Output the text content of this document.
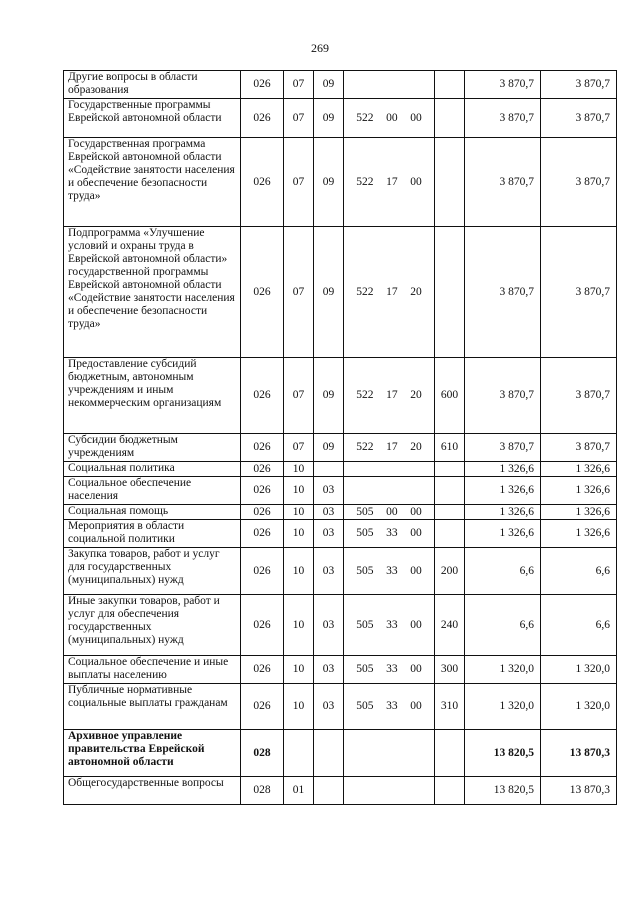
269
Другие вопросы в области образования	026	07	09			3 870,7	3 870,7
Государственные программы Еврейской автономной области	026	07	09	522 00 00		3 870,7	3 870,7
Государственная программа Еврейской автономной области «Содействие занятости населения и обеспечение безопасности труда»	026	07	09	522 17 00		3 870,7	3 870,7
Подпрограмма «Улучшение условий и охраны труда в Еврейской автономной области» государственной программы Еврейской автономной области «Содействие занятости населения и обеспечение безопасности труда»	026	07	09	522 17 20		3 870,7	3 870,7
Предоставление субсидий бюджетным, автономным учреждениям и иным некоммерческим организациям	026	07	09	522 17 20	600	3 870,7	3 870,7
Субсидии бюджетным учреждениям	026	07	09	522 17 20	610	3 870,7	3 870,7
Социальная политика	026	10				1 326,6	1 326,6
Социальное обеспечение населения	026	10	03			1 326,6	1 326,6
Социальная помощь	026	10	03	505 00 00		1 326,6	1 326,6
Мероприятия в области социальной политики	026	10	03	505 33 00		1 326,6	1 326,6
Закупка товаров, работ и услуг для государственных (муниципальных) нужд	026	10	03	505 33 00	200	6,6	6,6
Иные закупки товаров, работ и услуг для обеспечения государственных (муниципальных) нужд	026	10	03	505 33 00	240	6,6	6,6
Социальное обеспечение и иные выплаты населению	026	10	03	505 33 00	300	1 320,0	1 320,0
Публичные нормативные социальные выплаты гражданам	026	10	03	505 33 00	310	1 320,0	1 320,0
Архивное управление правительства Еврейской автономной области	028					13 820,5	13 870,3
Общегосударственные вопросы	028	01				13 820,5	13 870,3
